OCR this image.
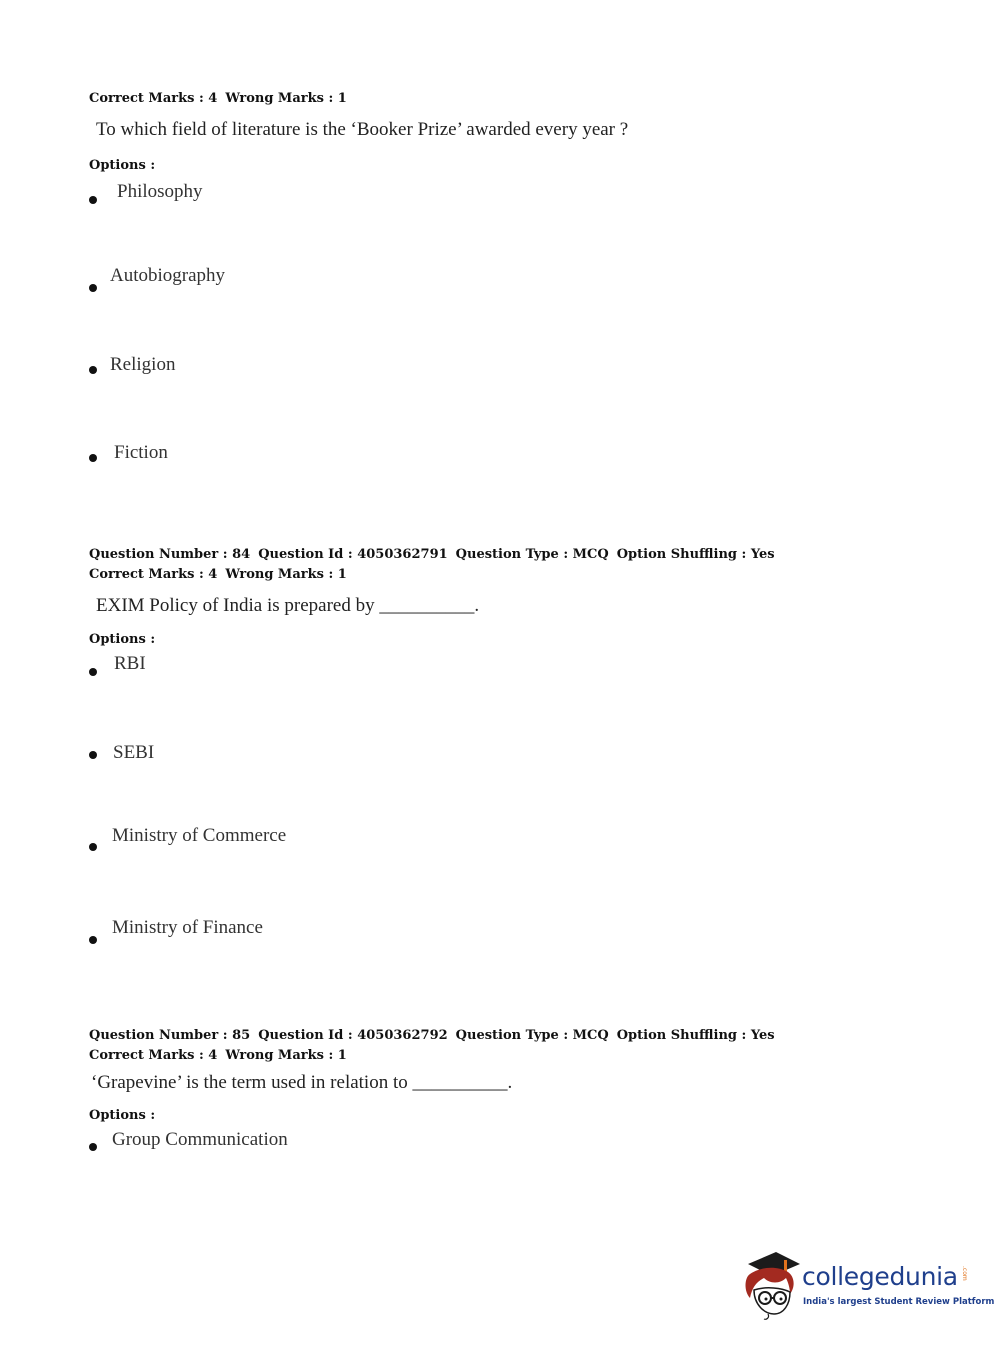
Correct Marks : 4 Wrong Marks : 1
To which field of literature is the ‘Booker Prize’ awarded every year ?
Options :
Philosophy
Autobiography
Religion
Fiction
Question Number : 84 Question Id : 4050362791 Question Type : MCQ Option Shuffling : Yes
Correct Marks : 4 Wrong Marks : 1
EXIM Policy of India is prepared by __________.
Options :
RBI
SEBI
Ministry of Commerce
Ministry of Finance
Question Number : 85 Question Id : 4050362792 Question Type : MCQ Option Shuffling : Yes
Correct Marks : 4 Wrong Marks : 1
‘Grapevine’ is the term used in relation to __________.
Options :
Group Communication
collegedunia .com
India's largest Student Review Platform
